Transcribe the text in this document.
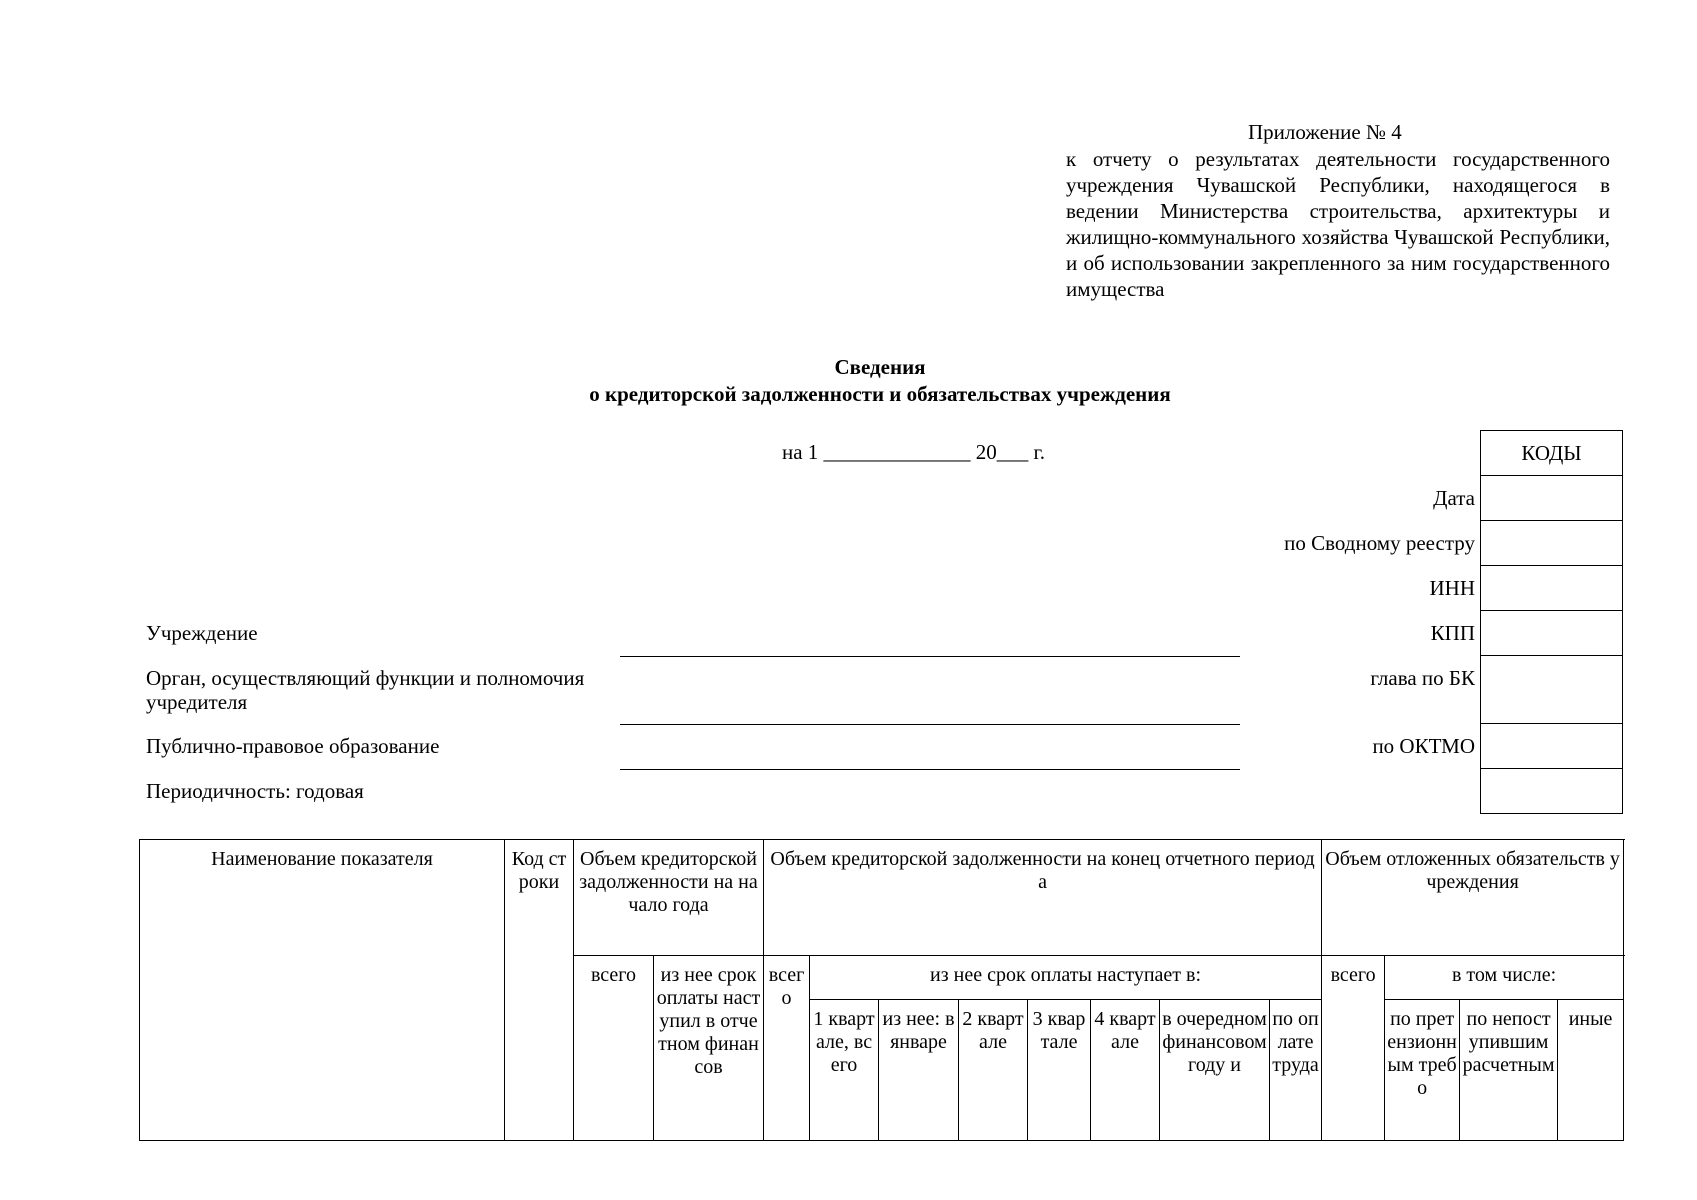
Приложение № 4

к отчету о результатах деятельности государственного учреждения Чувашской Республики, находящегося в ведении Министерства строительства, архитектуры и жилищно-коммунального хозяйства Чувашской Республики, и об использовании закрепленного за ним государственного имущества

Сведения
о кредиторской задолженности и обязательствах учреждения
на 1 ______________ 20___ г.	КОДЫ

Дата
по Сводному реестру
ИНН
КПП
глава по БК
по ОКТМО
Учреждение
Орган, осуществляющий функции и полномочия учредителя
Публично-правовое образование
Периодичность: годовая
Наименование показателя	Код строки	Объем кредиторской задолженности на начало года		Объем кредиторской задолженности на конец отчетного периода								Объем отложенных обязательств учреждения			
		всего	из нее срок оплаты наступил в отчетном финансов	всего	из нее срок оплаты наступает в:							всего	в том числе:		
					1 квартале, всего	из нее: в январе	2 квартале	3 квартале	4 квартале	в очередном финансовом году и	по оплате труда		по претензионным требо	по непоступившим расчетным	иные
